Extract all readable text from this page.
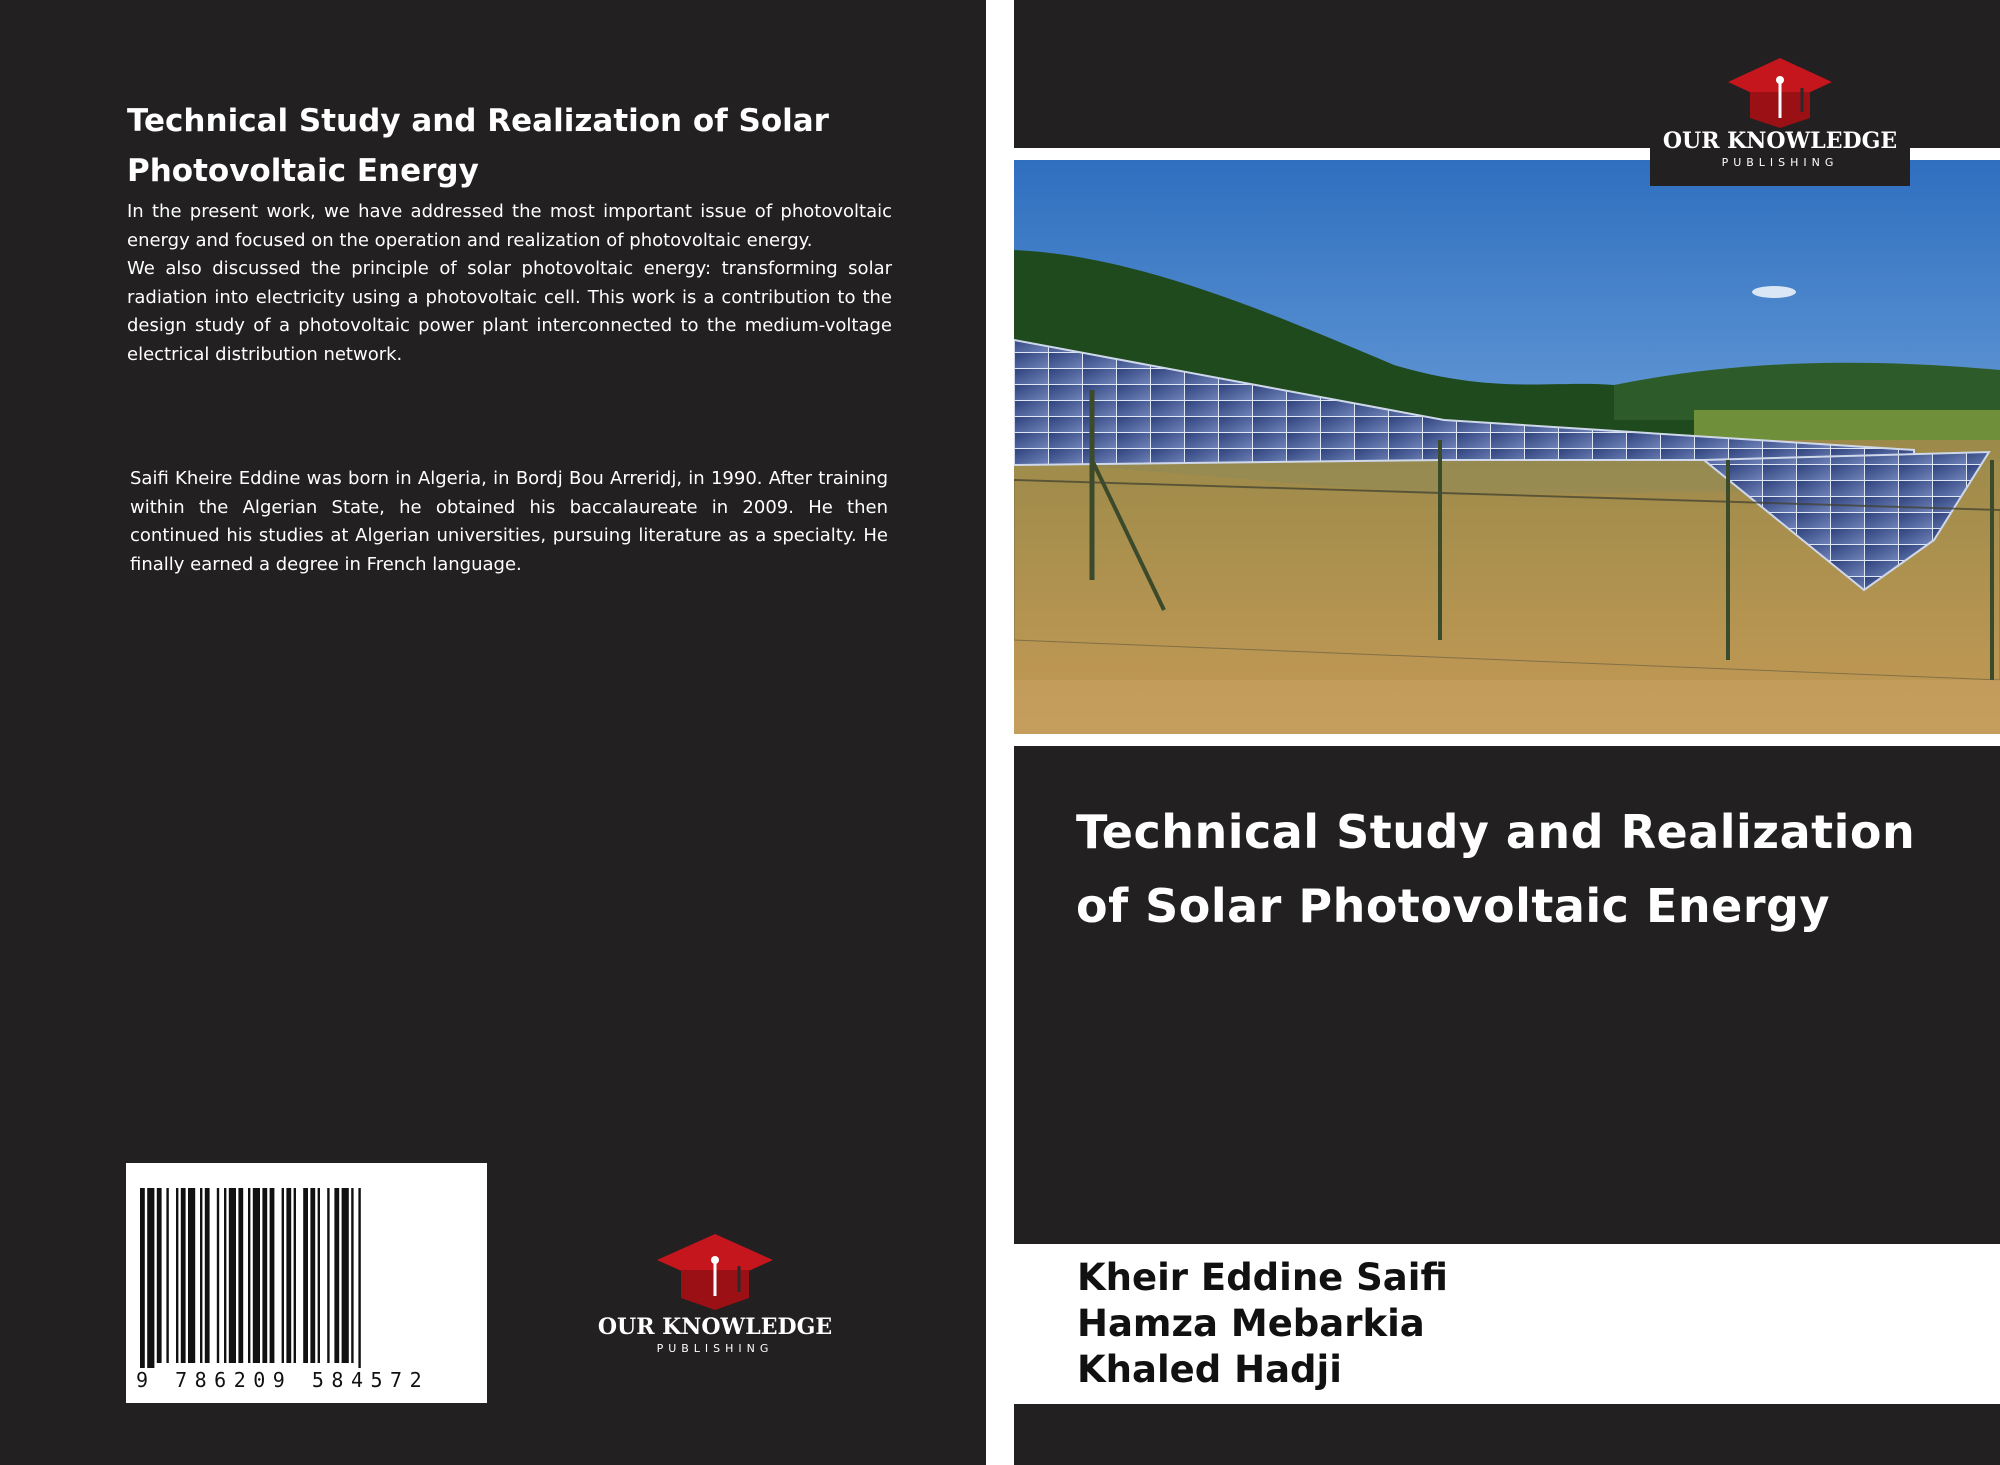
Technical Study and Realization of Solar Photovoltaic Energy

In the present work, we have addressed the most important issue of photovoltaic energy and focused on the operation and realization of photovoltaic energy.

We also discussed the principle of solar photovoltaic energy: transforming solar radiation into electricity using a photovoltaic cell. This work is a contribution to the design study of a photovoltaic power plant interconnected to the medium-voltage electrical distribution network.

Saifi Kheire Eddine was born in Algeria, in Bordj Bou Arreridj, in 1990. After training within the Algerian State, he obtained his baccalaureate in 2009. He then continued his studies at Algerian universities, pursuing literature as a specialty. He finally earned a degree in French language.
9 786209 584572
OUR KNOWLEDGE
PUBLISHING
OUR KNOWLEDGE
PUBLISHING
Technical Study and Realization of Solar Photovoltaic Energy
Kheir Eddine Saifi
Hamza Mebarkia
Khaled Hadji
